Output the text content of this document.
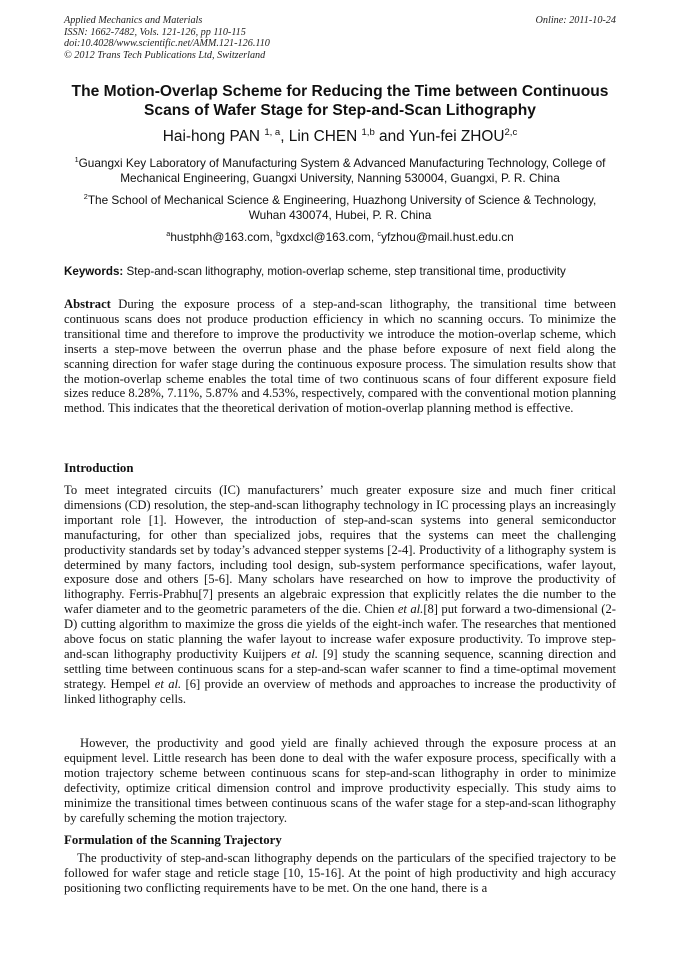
Applied Mechanics and Materials
ISSN: 1662-7482, Vols. 121-126, pp 110-115
doi:10.4028/www.scientific.net/AMM.121-126.110
© 2012 Trans Tech Publications Ltd, Switzerland
Online: 2011-10-24
The Motion-Overlap Scheme for Reducing the Time between Continuous
Scans of Wafer Stage for Step-and-Scan Lithography
Hai-hong PAN $^{1, a}$, Lin CHEN $^{1,b}$ and Yun-fei ZHOU$^{2,c}$
$^1$Guangxi Key Laboratory of Manufacturing System & Advanced Manufacturing Technology, College of Mechanical Engineering, Guangxi University, Nanning 530004, Guangxi, P. R. China
$^2$The School of Mechanical Science & Engineering, Huazhong University of Science & Technology, Wuhan 430074, Hubei, P. R. China
$^a$hustphh@163.com, $^b$gxdxcl@163.com, $^c$yfzhou@mail.hust.edu.cn
Keywords: Step-and-scan lithography, motion-overlap scheme, step transitional time, productivity
Abstract During the exposure process of a step-and-scan lithography, the transitional time between continuous scans does not produce production efficiency in which no scanning occurs. To minimize the transitional time and therefore to improve the productivity we introduce the motion-overlap scheme, which inserts a step-move between the overrun phase and the phase before exposure of next field along the scanning direction for wafer stage during the continuous exposure process. The simulation results show that the motion-overlap scheme enables the total time of two continuous scans of four different exposure field sizes reduce 8.28%, 7.11%, 5.87% and 4.53%, respectively, compared with the conventional motion planning method. This indicates that the theoretical derivation of motion-overlap planning method is effective.
Introduction
To meet integrated circuits (IC) manufacturers’ much greater exposure size and much finer critical dimensions (CD) resolution, the step-and-scan lithography technology in IC processing plays an increasingly important role [1]. However, the introduction of step-and-scan systems into general semiconductor manufacturing, for other than specialized jobs, requires that the systems can meet the challenging productivity standards set by today’s advanced stepper systems [2-4]. Productivity of a lithography system is determined by many factors, including tool design, sub-system performance specifications, wafer layout, exposure dose and others [5-6]. Many scholars have researched on how to improve the productivity of lithography. Ferris-Prabhu[7] presents an algebraic expression that explicitly relates the die number to the wafer diameter and to the geometric parameters of the die. Chien et al.[8] put forward a two-dimensional (2-D) cutting algorithm to maximize the gross die yields of the eight-inch wafer. The researches that mentioned above focus on static planning the wafer layout to increase wafer exposure productivity. To improve step-and-scan lithography productivity Kuijpers et al. [9] study the scanning sequence, scanning direction and settling time between continuous scans for a step-and-scan wafer scanner to find a time-optimal movement strategy. Hempel et al. [6] provide an overview of methods and approaches to increase the productivity of linked lithography cells.
However, the productivity and good yield are finally achieved through the exposure process at an equipment level. Little research has been done to deal with the wafer exposure process, specifically with a motion trajectory scheme between continuous scans for step-and-scan lithography in order to minimize defectivity, optimize critical dimension control and improve productivity especially. This study aims to minimize the transitional times between continuous scans of the wafer stage for a step-and-scan lithography by carefully scheming the motion trajectory.
Formulation of the Scanning Trajectory
The productivity of step-and-scan lithography depends on the particulars of the specified trajectory to be followed for wafer stage and reticle stage [10, 15-16]. At the point of high productivity and high accuracy positioning two conflicting requirements have to be met. On the one hand, there is a
